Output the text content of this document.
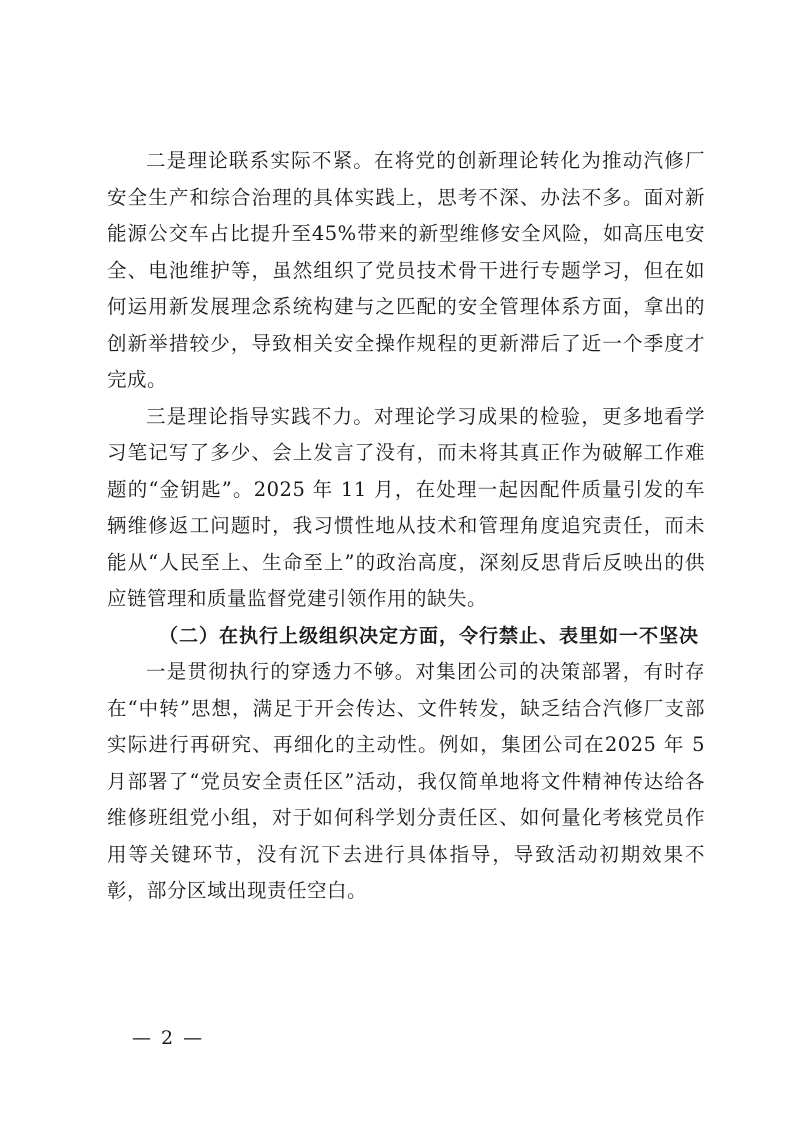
二是理论联系实际不紧。在将党的创新理论转化为推动汽修厂安全生产和综合治理的具体实践上，思考不深、办法不多。面对新能源公交车占比提升至45%带来的新型维修安全风险，如高压电安全、电池维护等，虽然组织了党员技术骨干进行专题学习，但在如何运用新发展理念系统构建与之匹配的安全管理体系方面，拿出的创新举措较少，导致相关安全操作规程的更新滞后了近一个季度才完成。

三是理论指导实践不力。对理论学习成果的检验，更多地看学习笔记写了多少、会上发言了没有，而未将其真正作为破解工作难题的“金钥匙”。2025 年 11 月，在处理一起因配件质量引发的车辆维修返工问题时，我习惯性地从技术和管理角度追究责任，而未能从“人民至上、生命至上”的政治高度，深刻反思背后反映出的供应链管理和质量监督党建引领作用的缺失。

（二）在执行上级组织决定方面，令行禁止、表里如一不坚决

一是贯彻执行的穿透力不够。对集团公司的决策部署，有时存在“中转”思想，满足于开会传达、文件转发，缺乏结合汽修厂支部实际进行再研究、再细化的主动性。例如，集团公司在2025 年 5 月部署了“党员安全责任区”活动，我仅简单地将文件精神传达给各维修班组党小组，对于如何科学划分责任区、如何量化考核党员作用等关键环节，没有沉下去进行具体指导，导致活动初期效果不彰，部分区域出现责任空白。

— 2 —
